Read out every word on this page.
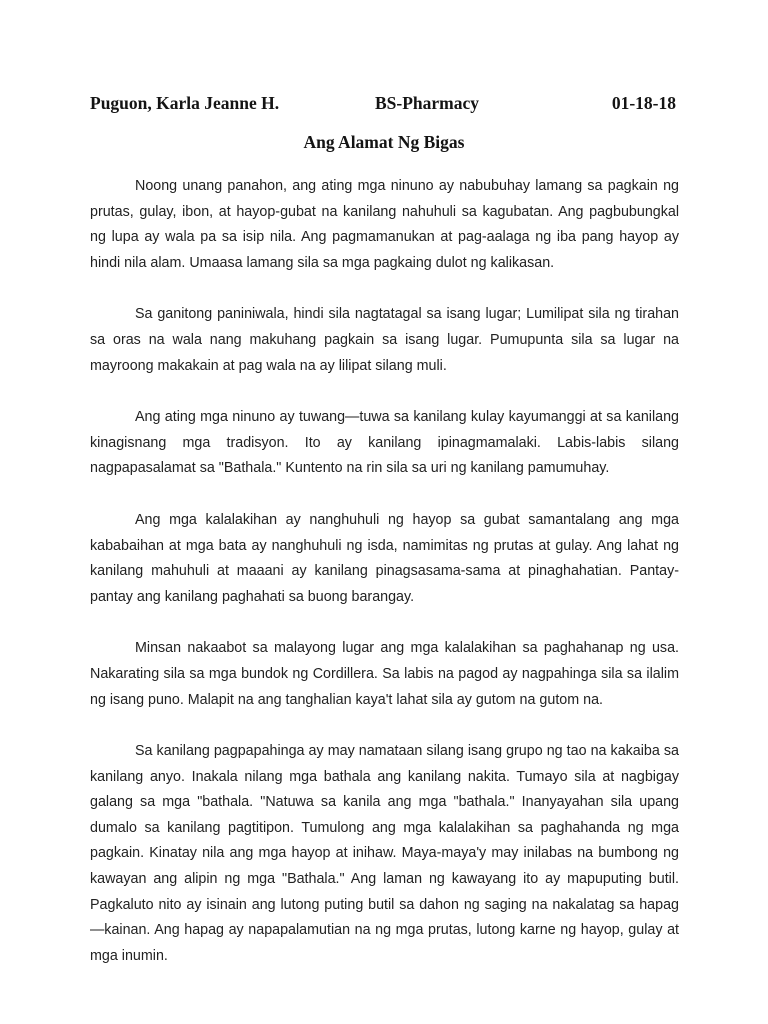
Puguon, Karla Jeanne H.	BS-Pharmacy	01-18-18
Ang Alamat Ng Bigas

Noong unang panahon, ang ating mga ninuno ay nabubuhay lamang sa pagkain ng prutas, gulay, ibon, at hayop-gubat na kanilang nahuhuli sa kagubatan. Ang pagbubungkal ng lupa ay wala pa sa isip nila. Ang pagmamanukan at pag-aalaga ng iba pang hayop ay hindi nila alam. Umaasa lamang sila sa mga pagkaing dulot ng kalikasan.

Sa ganitong paniniwala, hindi sila nagtatagal sa isang lugar; Lumilipat sila ng tirahan sa oras na wala nang makuhang pagkain sa isang lugar. Pumupunta sila sa lugar na mayroong makakain at pag wala na ay lilipat silang muli.

Ang ating mga ninuno ay tuwang—tuwa sa kanilang kulay kayumanggi at sa kanilang kinagisnang mga tradisyon. Ito ay kanilang ipinagmamalaki. Labis-labis silang nagpapasalamat sa "Bathala." Kuntento na rin sila sa uri ng kanilang pamumuhay.

Ang mga kalalakihan ay nanghuhuli ng hayop sa gubat samantalang ang mga kababaihan at mga bata ay nanghuhuli ng isda, namimitas ng prutas at gulay. Ang lahat ng kanilang mahuhuli at maaani ay kanilang pinagsasama-sama at pinaghahatian. Pantay-pantay ang kanilang paghahati sa buong barangay.

Minsan nakaabot sa malayong lugar ang mga kalalakihan sa paghahanap ng usa. Nakarating sila sa mga bundok ng Cordillera. Sa labis na pagod ay nagpahinga sila sa ilalim ng isang puno. Malapit na ang tanghalian kaya't lahat sila ay gutom na gutom na.

Sa kanilang pagpapahinga ay may namataan silang isang grupo ng tao na kakaiba sa kanilang anyo. Inakala nilang mga bathala ang kanilang nakita. Tumayo sila at nagbigay galang sa mga "bathala. "Natuwa sa kanila ang mga "bathala." Inanyayahan sila upang dumalo sa kanilang pagtitipon. Tumulong ang mga kalalakihan sa paghahanda ng mga pagkain. Kinatay nila ang mga hayop at inihaw. Maya-maya'y may inilabas na bumbong ng kawayan ang alipin ng mga "Bathala." Ang laman ng kawayang ito ay mapuputing butil. Pagkaluto nito ay isinain ang lutong puting butil sa dahon ng saging na nakalatag sa hapag—kainan. Ang hapag ay napapalamutian na ng mga prutas, lutong karne ng hayop, gulay at mga inumin.
